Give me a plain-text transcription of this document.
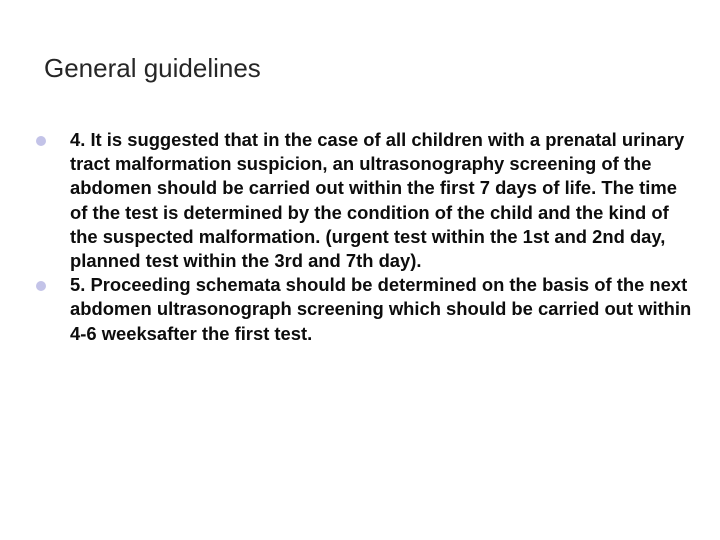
General guidelines
4. It is suggested that in the case of all children with a prenatal urinary tract malformation suspicion, an ultrasonography screening of the abdomen should be carried out within the first 7 days of life. The time of the test is determined by the condition of the child and the kind of the suspected malformation. (urgent test within the 1st and 2nd day, planned test within the 3rd and 7th day).
5. Proceeding schemata should be determined on the basis of the next abdomen ultrasonograph screening which should be carried out within 4-6 weeksafter the first test.
